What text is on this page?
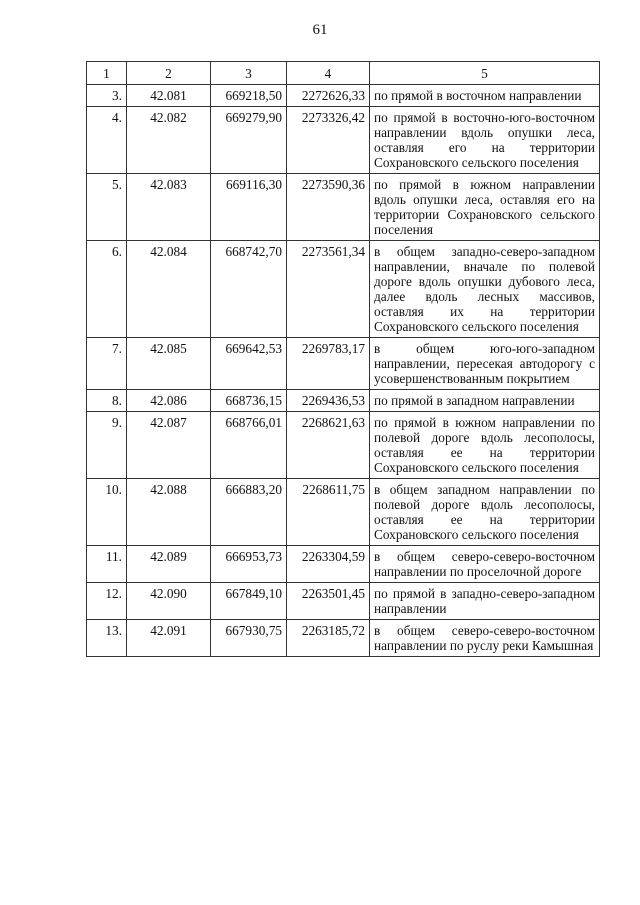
61
1	2	3	4	5
3.	42.081	669218,50	2272626,33	по прямой в восточном направлении
4.	42.082	669279,90	2273326,42	по прямой в восточно-юго-восточном направлении вдоль опушки леса, оставляя его на территории Сохрановского сельского поселения
5.	42.083	669116,30	2273590,36	по прямой в южном направлении вдоль опушки леса, оставляя его на территории Сохрановского сельского поселения
6.	42.084	668742,70	2273561,34	в общем западно-северо-западном направлении, вначале по полевой дороге вдоль опушки дубового леса, далее вдоль лесных массивов, оставляя их на территории Сохрановского сельского поселения
7.	42.085	669642,53	2269783,17	в общем юго-юго-западном направлении, пересекая автодорогу с усовершенствованным покрытием
8.	42.086	668736,15	2269436,53	по прямой в западном направлении
9.	42.087	668766,01	2268621,63	по прямой в южном направлении по полевой дороге вдоль лесополосы, оставляя ее на территории Сохрановского сельского поселения
10.	42.088	666883,20	2268611,75	в общем западном направлении по полевой дороге вдоль лесополосы, оставляя ее на территории Сохрановского сельского поселения
11.	42.089	666953,73	2263304,59	в общем северо-северо-восточном направлении по проселочной дороге
12.	42.090	667849,10	2263501,45	по прямой в западно-северо-западном направлении
13.	42.091	667930,75	2263185,72	в общем северо-северо-восточном направлении по руслу реки Камышная
